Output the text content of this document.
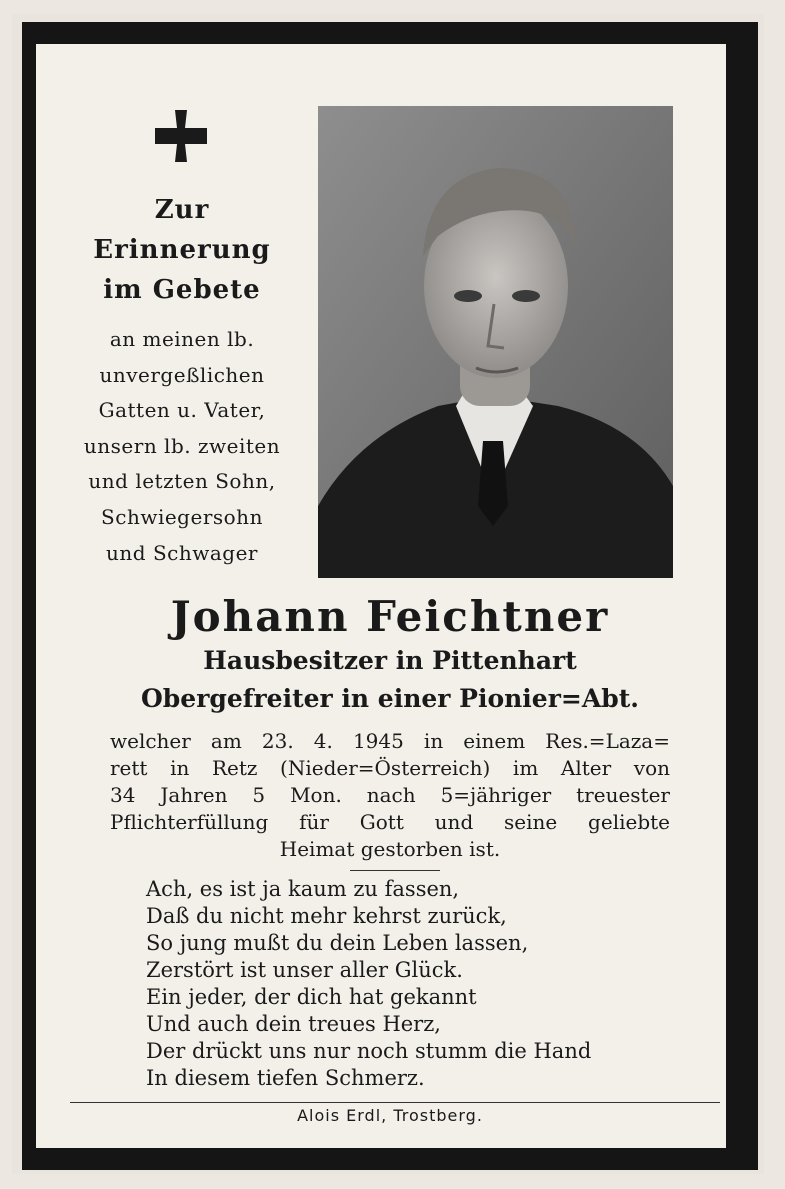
Zur
Erinnerung
im Gebete
an meinen lb.
unvergeßlichen
Gatten u. Vater,
unsern lb. zweiten
und letzten Sohn,
Schwiegersohn
und Schwager
Johann Feichtner
Hausbesitzer in Pittenhart
Obergefreiter in einer Pionier=Abt.
welcher am 23. 4. 1945 in einem Res.=Laza=
rett in Retz (Nieder=Österreich) im Alter von
34 Jahren 5 Mon. nach 5=jähriger treuester
Pflichterfüllung für Gott und seine geliebte
Heimat gestorben ist.
Ach, es ist ja kaum zu fassen,
Daß du nicht mehr kehrst zurück,
So jung mußt du dein Leben lassen,
Zerstört ist unser aller Glück.
Ein jeder, der dich hat gekannt
Und auch dein treues Herz,
Der drückt uns nur noch stumm die Hand
In diesem tiefen Schmerz.
Alois Erdl, Trostberg.
